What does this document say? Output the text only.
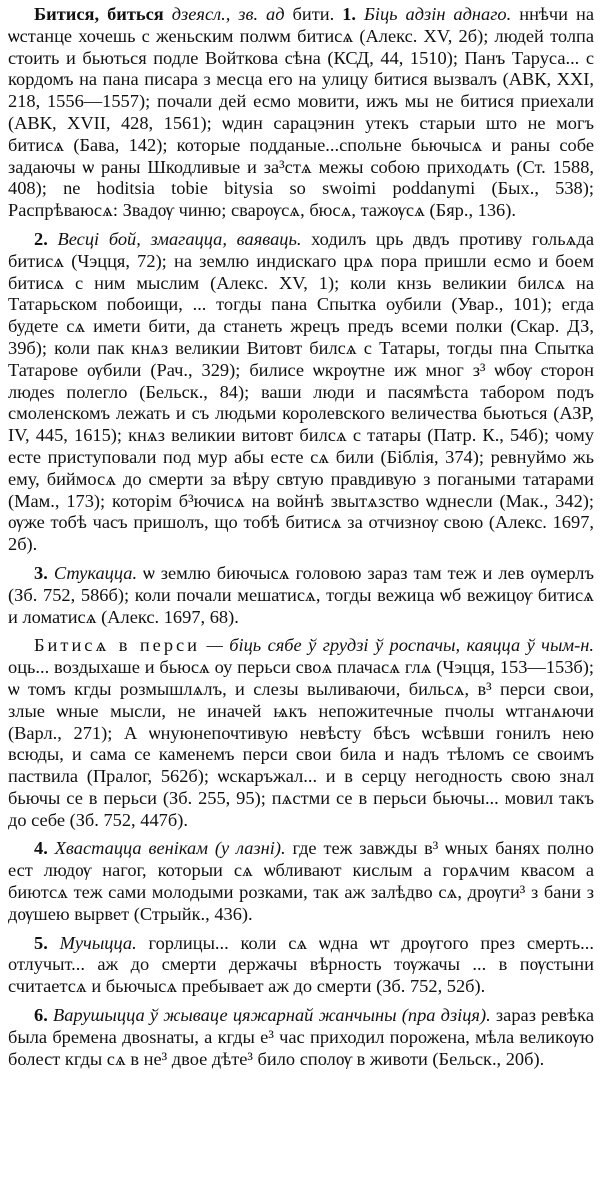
Битися, биться дзеясл., зв. ад бити. 1. Біць адзін аднаго. ннѣчи на ѡстанце хочешь с женьским полѡм битисѧ (Алекс. XV, 2б); людей толпа стоить и бьються подле Войткова сѣна (КСД, 44, 1510); Панъ Таруса... с кордомъ на пана писара з месца его на улицу битися вызвалъ (АВК, XXI, 218, 1556—1557); почали дей есмо мовити, ижъ мы не битися приехали (АВК, XVII, 428, 1561); ѡдин сарацэнин утекъ старыи што не могъ битисѧ (Бава, 142); которые подданые...спольне бьючысѧ и раны собе задаючы ѡ раны Шкодливые и за³стѧ межы собою приходѧть (Ст. 1588, 408); ne hoditsia tobie bitysia so swoimi poddanymi (Бых., 538); Распрѣваюсѧ: Звадѹ чиню; сварѹсѧ, бюсѧ, тажѹсѧ (Бяр., 136).

2. Весці бой, змагацца, ваяваць. ходилъ црь двдъ противу гольѧда битисѧ (Чэцця, 72); на землю индискаго црѧ пора пришли есмо и боем битисѧ с ним мыслим (Алекс. XV, 1); коли кнзь великии билсѧ на Татарьском побоищи, ... тогды пана Спытка оубили (Увар., 101); егда будете сѧ имети бити, да станеть жрецъ предъ всеми полки (Скар. ДЗ, 39б); коли пак кнѧз великии Витовт билсѧ с Татары, тогды пна Спытка Татарове ѹбили (Рач., 329); билисе ѡкрѹтне иж мног з³ ѡбѹ сторон людеѕ полегло (Бельск., 84); ваши люди и пасямѣста табором подъ смоленскомъ лежать и съ людьми королевского величества бьються (АЗР, IV, 445, 1615); кнѧз великии витовт билсѧ с татары (Патр. К., 54б); чому есте приступовали под мур абы есте сѧ били (Біблія, 374); ревнуймо жь ему, биймосѧ до смерти за вѣру свтую правдивую з погаными татарами (Мам., 173); которім б³ючисѧ на войнѣ звытѧзство ѡднесли (Мак., 342); ѹже тобѣ часъ пришолъ, що тобѣ битисѧ за отчизнѹ свою (Алекс. 1697, 2б).

3. Стукацца. ѡ землю биючысѧ головою зараз там теж и лев ѹмерлъ (Зб. 752, 586б); коли почали мешатисѧ, тогды вежица ѡб вежицѹ битисѧ и ломатисѧ (Алекс. 1697, 68).

Битисѧ в перси — біць сябе ў грудзі ў роспачы, каяцца ў чым-н. оць... воздыхаше и бьюсѧ оу перьси своѧ плачасѧ глѧ (Чэцця, 153—153б); ѡ томъ кгды розмышлѧлъ, и слезы выливаючи, бильсѧ, в³ перси свои, злые ѡные мысли, не иначей ѩкъ непожитечные пчолы ѡтганѧючи (Варл., 271); А ѡнуюнепочтивую невѣсту бѣсъ ѡсѣвши гонилъ нею всюды, и сама се каменемъ перси свои била и надъ тѣломъ се своимъ паствила (Пралог, 562б); ѡскаръжал... и в серцу негодность свою знал бьючы се в перьси (Зб. 255, 95); пѧстми се в перьси бьючы... мовил такъ до себе (Зб. 752, 447б).

4. Хвастацца венікам (у лазні). где теж завжды в³ ѡных банях полно ест людѹ нагог, которыи сѧ ѡбливают кислым а горѧчим квасом а биютсѧ теж сами молодыми розками, так аж залѣдво сѧ, дрѹги³ з бани з дѹшею вырвет (Стрыйк., 436).

5. Мучыцца. горлицы... коли сѧ ѡдна ѡт дрѹгого през смерть... отлучыт... аж до смерти держачы вѣрность тѹжачы ... в пѹстыни считаетсѧ и бьючысѧ пребывает аж до смерти (Зб. 752, 52б).

6. Варушыцца ў жываце цяжарнай жанчыны (пра дзіця). зараз ревѣка была бремена двоѕнаты, а кгды е³ час приходил порожена, мѣла великѹю болест кгды сѧ в не³ двое дѣте³ било сполѹ в животи (Бельск., 20б).
